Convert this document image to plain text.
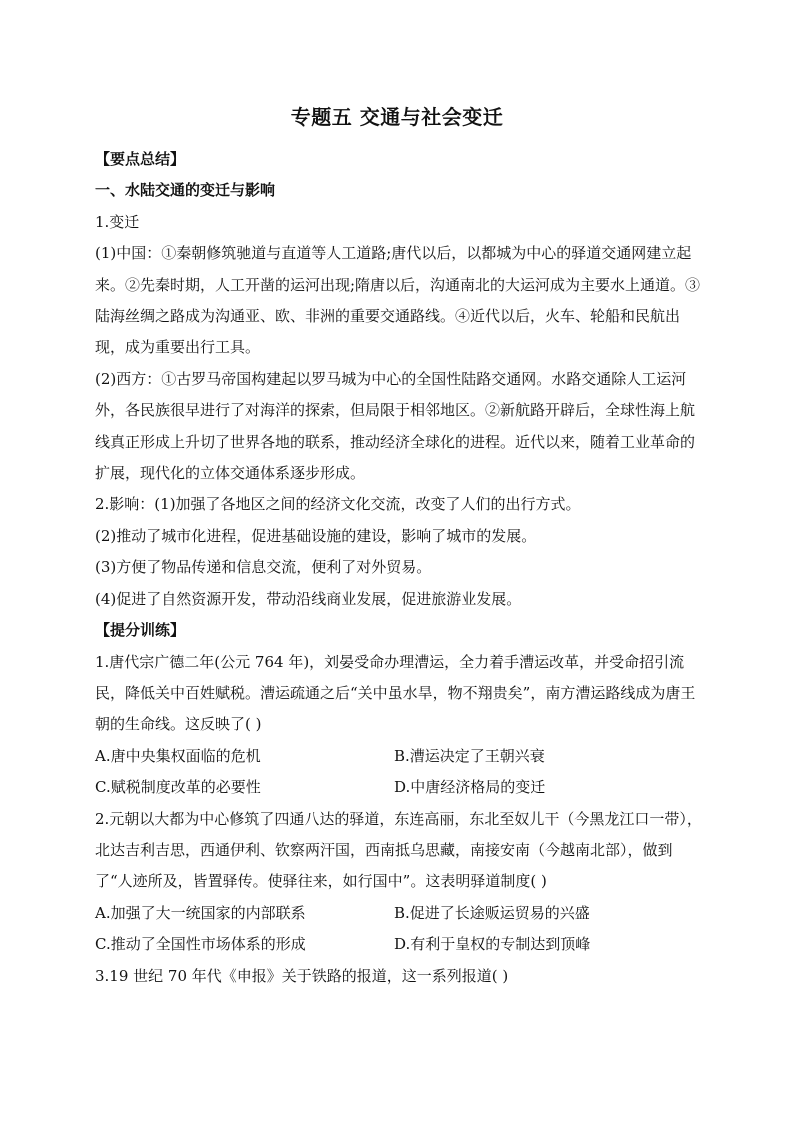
专题五 交通与社会变迁

【要点总结】

一、水陆交通的变迁与影响

1.变迁

(1)中国：①秦朝修筑驰道与直道等人工道路;唐代以后，以都城为中心的驿道交通网建立起来。②先秦时期，人工开凿的运河出现;隋唐以后，沟通南北的大运河成为主要水上通道。③陆海丝绸之路成为沟通亚、欧、非洲的重要交通路线。④近代以后，火车、轮船和民航出现，成为重要出行工具。

(2)西方：①古罗马帝国构建起以罗马城为中心的全国性陆路交通网。水路交通除人工运河外，各民族很早进行了对海洋的探索，但局限于相邻地区。②新航路开辟后，全球性海上航线真正形成上升切了世界各地的联系，推动经济全球化的进程。近代以来，随着工业革命的扩展，现代化的立体交通体系逐步形成。

2.影响：(1)加强了各地区之间的经济文化交流，改变了人们的出行方式。

(2)推动了城市化进程，促进基础设施的建设，影响了城市的发展。

(3)方便了物品传递和信息交流，便利了对外贸易。

(4)促进了自然资源开发，带动沿线商业发展，促进旅游业发展。

【提分训练】

1.唐代宗广德二年(公元 764 年)，刘晏受命办理漕运，全力着手漕运改革，并受命招引流民，降低关中百姓赋税。漕运疏通之后“关中虽水旱，物不翔贵矣”，南方漕运路线成为唐王朝的生命线。这反映了( )

A.唐中央集权面临的危机	B.漕运决定了王朝兴衰
C.赋税制度改革的必要性	D.中唐经济格局的变迁

2.元朝以大都为中心修筑了四通八达的驿道，东连高丽，东北至奴儿干（今黑龙江口一带），北达吉利吉思，西通伊利、钦察两汗国，西南抵乌思藏，南接安南（今越南北部），做到了“人迹所及，皆置驿传。使驿往来，如行国中”。这表明驿道制度( )

A.加强了大一统国家的内部联系	B.促进了长途贩运贸易的兴盛
C.推动了全国性市场体系的形成	D.有利于皇权的专制达到顶峰

3.19 世纪 70 年代《申报》关于铁路的报道，这一系列报道( )
